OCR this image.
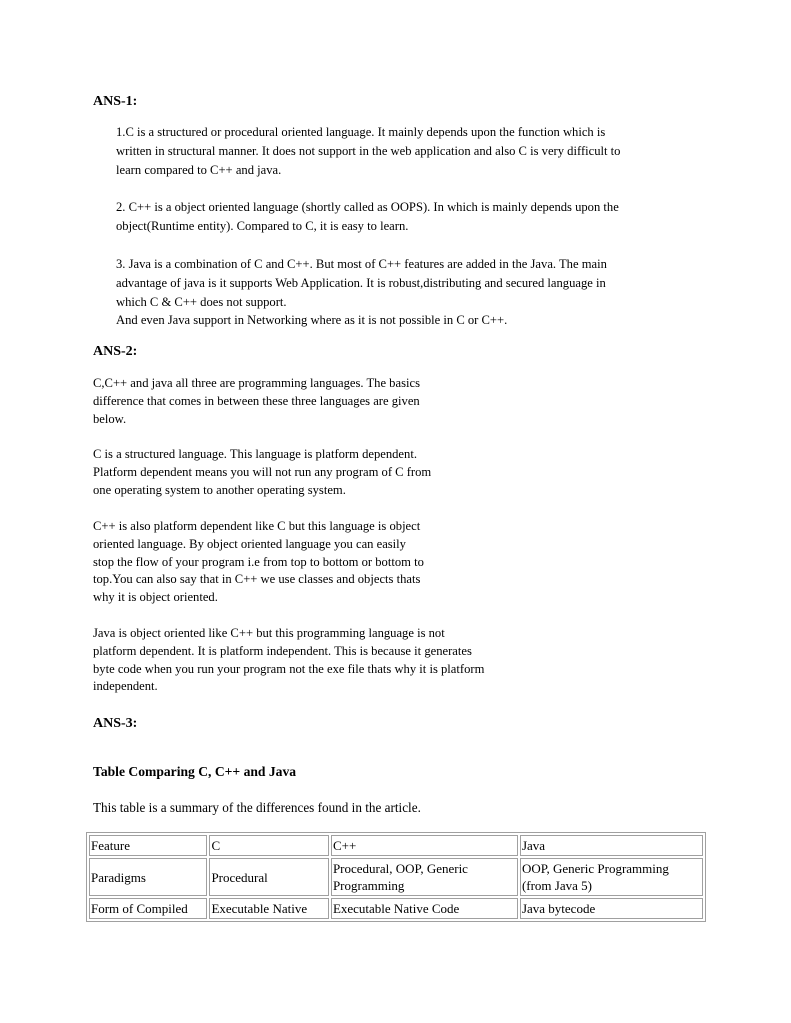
ANS-1:

1.C is a structured or procedural oriented language. It mainly depends upon the function which is
written in structural manner. It does not support in the web application and also C is very difficult to
learn compared to C++ and java.

2. C++ is a object oriented language (shortly called as OOPS). In which is mainly depends upon the
object(Runtime entity). Compared to C, it is easy to learn.

3. Java is a combination of C and C++. But most of C++ features are added in the Java. The main
advantage of java is it supports Web Application. It is robust,distributing and secured language in
which C & C++ does not support.
And even Java support in Networking where as it is not possible in C or C++.

ANS-2:

C,C++ and java all three are programming languages. The basics
difference that comes in between these three languages are given
below.

C is a structured language. This language is platform dependent.
Platform dependent means you will not run any program of C from
one operating system to another operating system.

C++ is also platform dependent like C but this language is object
oriented language. By object oriented language you can easily
stop the flow of your program i.e from top to bottom or bottom to
top.You can also say that in C++ we use classes and objects thats
why it is object oriented.

Java is object oriented like C++ but this programming language is not
platform dependent. It is platform independent. This is because it generates
byte code when you run your program not the exe file thats why it is platform
independent.

ANS-3:

Table Comparing C, C++ and Java

This table is a summary of the differences found in the article.

Feature	C	C++	Java
Paradigms	Procedural	Procedural, OOP, Generic Programming	OOP, Generic Programming (from Java 5)
Form of Compiled	Executable Native	Executable Native Code	Java bytecode
